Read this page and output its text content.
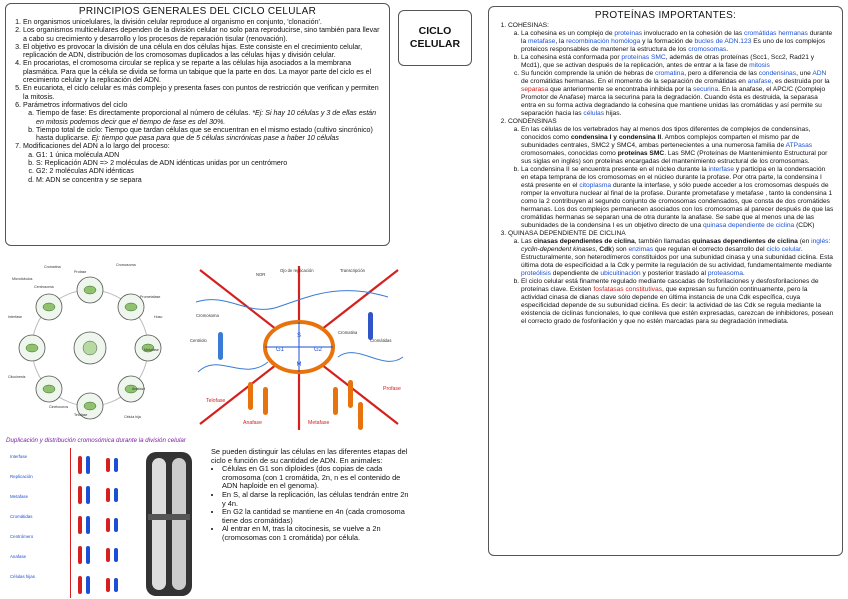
PRINCIPIOS GENERALES DEL CICLO CELULAR
1. En organismos unicelulares, la división celular reproduce al organismo en conjunto, 'clonación'.
2. Los organismos multicelulares dependen de la división celular no solo para reproducirse, sino también para llevar a cabo su crecimiento y desarrollo y los procesos de reparación tisular (renovación).
3. El objetivo es provocar la división de una célula en dos células hijas. Este consiste en el crecimiento celular, replicación de ADN, distribución de los cromosomas duplicados a las células hijas y división celular.
4. En procariotas, el cromosoma circular se replica y se reparte a las células hija asociados a la membrana plasmática. Para que la célula se divida se forma un tabique que la parte en dos. La mayor parte del ciclo es el crecimiento celular y la replicación del ADN.
5. En eucariota, el ciclo celular es más complejo y presenta fases con puntos de restricción que verifican y permiten la mitosis.
6. Parámetros informativos del ciclo
a. Tiempo de fase: Es directamente proporcional al número de células. *Ej: Si hay 10 células y 3 de ellas están en mitosis podemos decir que el tiempo de fase es del 30%.
b. Tiempo total de ciclo: Tiempo que tardan células que se encuentran en el mismo estado (cultivo sincrónico) hasta duplicarse. Ej: tiempo que pasa para que de 5 células sincrónicas pase a haber 10 células
7. Modificaciones del ADN a lo largo del proceso:
a. G1: 1 única molécula ADN
b. S: Replicación ADN => 2 moléculas de ADN idénticas unidas por un centrómero
c. G2: 2 moléculas ADN idénticas
d. M: ADN se concentra y se separa
CICLO
CELULAR
PROTEÍNAS IMPORTANTES:
1. COHESINAS:
a. La cohesina es un complejo de proteínas involucrado en la cohesión de las cromátidas hermanas durante la metafase, la recombinación homóloga y la formación de bucles de ADN.123 Es uno de los complejos proteicos responsables de mantener la estructura de los cromosomas.
b. La cohesina está conformada por proteínas SMC, además de otras proteínas (Scc1, Scc2, Rad21 y Mcd1), que se activan después de la replicación, antes de entrar a la fase de mitosis
c. Su función comprende la unión de hebras de cromatina, pero a diferencia de las condensinas, une ADN de cromátidas hermanas. En el momento de la separación de cromátidas en anafase, es destruida por la separasa que anteriormente se encontraba inhibida por la securina. En la anafase, el APC/C (Complejo Promotor de Anafase) marca la securina para la degradación. Cuando ésta es destruida, la separasa entra en su forma activa degradando la cohesina que mantiene unidas las cromátidas y así permite su separación hacia las células hijas.
2. CONDENSINAS
a. En las células de los vertebrados hay al menos dos tipos diferentes de complejos de condensinas, conocidos como condensina I y condensina II. Ambos complejos comparten el mismo par de subunidades centrales, SMC2 y SMC4, ambas pertenecientes a una numerosa familia de ATPasas cromosomales, conocidas como proteínas SMC. Las SMC (Proteínas de Mantenimiento Estructural por sus siglas en inglés) son proteínas encargadas del mantenimiento estructural de los cromosomas.
b. La condensina II se encuentra presente en el núcleo durante la interfase y participa en la condensación en etapa temprana de los cromosomas en el núcleo durante la profase. Por otra parte, la condensina I está presente en el citoplasma durante la interfase, y sólo puede acceder a los cromosomas después de romper la envoltura nuclear al final de la profase. Durante prometafase y metafase , tanto la condensina 1 como la 2 contribuyen al segundo conjunto de cromosomas condensados, que consta de dos cromátides hermanas. Los dos complejos permanecen asociados con los cromosomas al parecer después de que las cromátidas hermanas se separan una de otra durante la anafase. Se sabe que al menos una de las subunidades de la condensina I es un objetivo directo de una quinasa dependiente de ciclina (CDK)
3. QUINASA DEPENDIENTE DE CICLINA
a. Las cinasas dependientes de ciclina, también llamadas quinasas dependientes de ciclina (en inglés: cyclin-dependent kinases, Cdk) son enzimas que regulan el correcto desarrollo del ciclo celular. Estructuralmente, son heterodímeros constituidos por una subunidad cinasa y una subunidad ciclina. Esta última dota de especificidad a la Cdk y permite la regulación de su actividad, fundamentalmente mediante proteólisis dependiente de ubicuitinación y posterior traslado al proteasoma.
b. El ciclo celular está finamente regulado mediante cascadas de fosforilaciones y desfosforilaciones de proteínas clave. Existen fosfatasas constitutivas, que expresan su función continuamente, pero la actividad cinasa de dianas clave sólo depende en última instancia de una Cdk específica, cuya especificidad depende de su subunidad ciclina. Es decir: la actividad de las Cdk se regula mediante la existencia de ciclinas funcionales, lo que conlleva que estén expresadas, carezcan de inhibidores, posean el correcto grado de fosforilación y que no estén marcadas para su degradación inmediata.
Profase
Prometafase
Metafase
Anafase
Telofase
Citocinesis
Interfase
Centrosoma
Microtúbulos
Cromatina	Cromosoma
Huso
Cinetocoros
Célula hija
S
G1	G2
M
NOR
Ojo de replicación	Transcripción
Cromosoma
Cromatina
Centriolo	Cromátidas
Profase
Telofase
Anafase	Metafase
Duplicación y distribución cromosómica durante la división celular
Interfase
Replicación
Metafase
Cromátidas
Centrómero
Anafase
Células hijas
Se pueden distinguir las células en las diferentes etapas del ciclo e función de su cantidad de ADN. En animales:
• Células en G1 son diploides (dos copias de cada cromosoma (con 1 cromátida, 2n, n es el contenido de ADN haploide en el genoma).
• En S, al darse la replicación, las células tendrán entre 2n y 4n.
• En G2 la cantidad se mantiene en 4n (cada cromosoma tiene dos cromátidas)
• Al entrar en M, tras la citocinesis, se vuelve a 2n (cromosomas con 1 cromátida) por célula.
